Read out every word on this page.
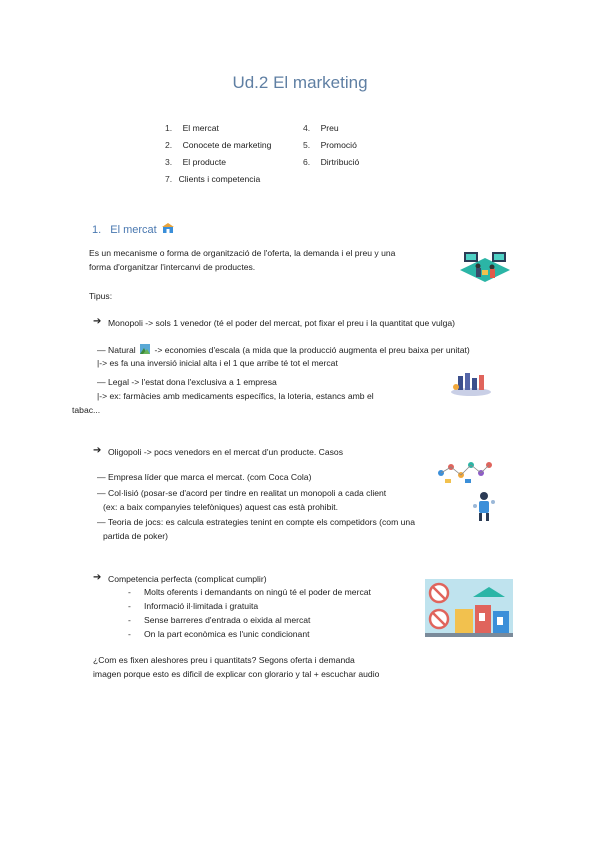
Ud.2 El marketing
1. El mercat
2. Conocete de marketing
3. El producte
4. Preu
5. Promoció
6. Dirtribució
7. Clients i competencia
1. El mercat
Es un mecanisme o forma de organització de l'oferta, la demanda i el preu y una
forma d'organitzar l'intercanvi de productes.
Tipus:
➔ Monopoli -> sols 1 venedor (té el poder del mercat, pot fixar el preu i la quantitat que vulga)
— Natural -> economies d'escala (a mida que la producció augmenta el preu baixa per unitat)
|-> es fa una inversió inicial alta i el 1 que arribe té tot el mercat
— Legal -> l'estat dona l'exclusiva a 1 empresa
|-> ex: farmàcies amb medicaments específics, la loteria, estancs amb el
tabac...
➔ Oligopoli -> pocs venedors en el mercat d'un producte. Casos
— Empresa líder que marca el mercat. (com Coca Cola)
— Col·lisió (posar-se d'acord per tindre en realitat un monopoli a cada client
(ex: a baix companyies telefòniques) aquest cas està prohibit.
— Teoria de jocs: es calcula estrategies tenint en compte els competidors (com una
partida de poker)
➔ Competencia perfecta (complicat cumplir)
- Molts oferents i demandants on ningú té el poder de mercat
- Informació il·limitada i gratuita
- Sense barreres d'entrada o eixida al mercat
- On la part econòmica es l'unic condicionant
¿Com es fixen aleshores preu i quantitats? Segons oferta i demanda
imagen porque esto es dificil de explicar con glorario y tal + escuchar audio
